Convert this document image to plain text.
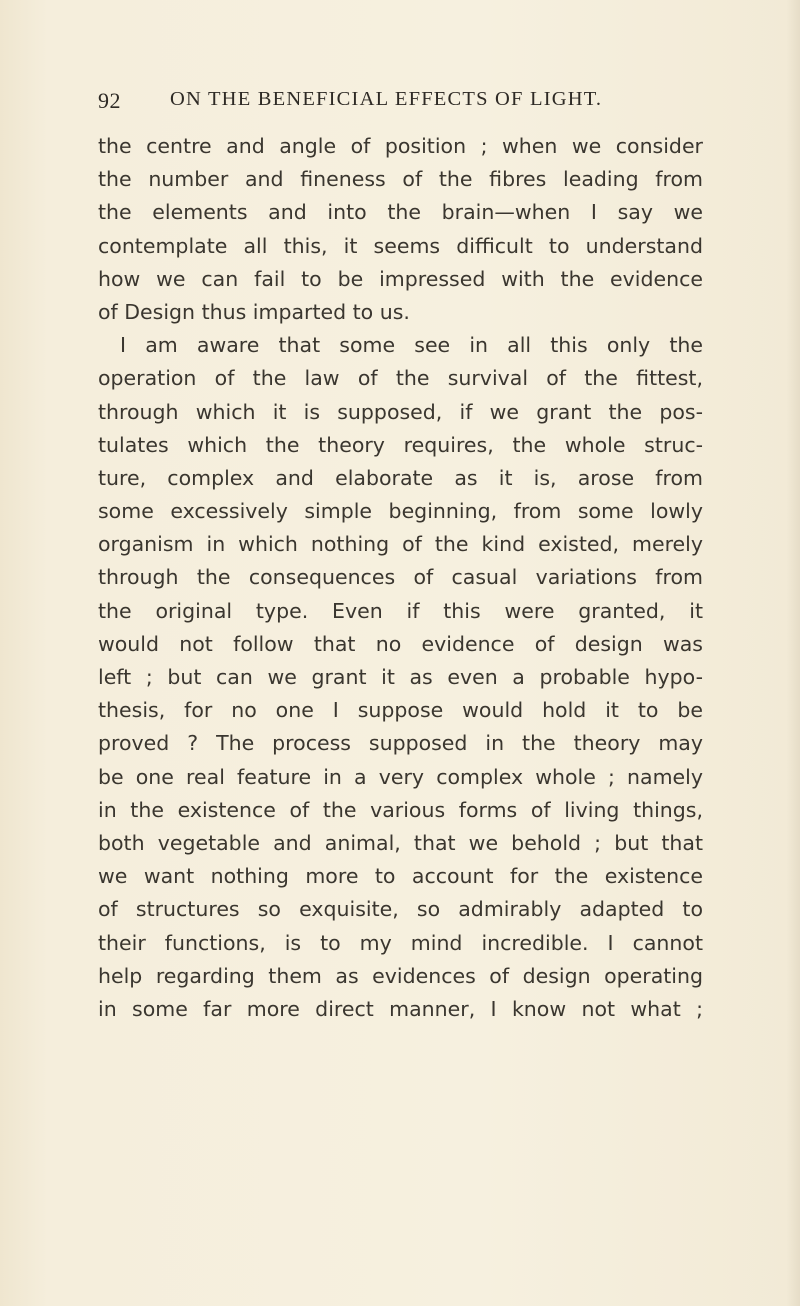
92 ON THE BENEFICIAL EFFECTS OF LIGHT.
the centre and angle of position ; when we consider
the number and fineness of the fibres leading from
the elements and into the brain—when I say we
contemplate all this, it seems difficult to understand
how we can fail to be impressed with the evidence
of Design thus imparted to us.
I am aware that some see in all this only the
operation of the law of the survival of the fittest,
through which it is supposed, if we grant the pos-
tulates which the theory requires, the whole struc-
ture, complex and elaborate as it is, arose from
some excessively simple beginning, from some lowly
organism in which nothing of the kind existed, merely
through the consequences of casual variations from
the original type. Even if this were granted, it
would not follow that no evidence of design was
left ; but can we grant it as even a probable hypo-
thesis, for no one I suppose would hold it to be
proved ? The process supposed in the theory may
be one real feature in a very complex whole ; namely
in the existence of the various forms of living things,
both vegetable and animal, that we behold ; but that
we want nothing more to account for the existence
of structures so exquisite, so admirably adapted to
their functions, is to my mind incredible. I cannot
help regarding them as evidences of design operating
in some far more direct manner, I know not what ;
